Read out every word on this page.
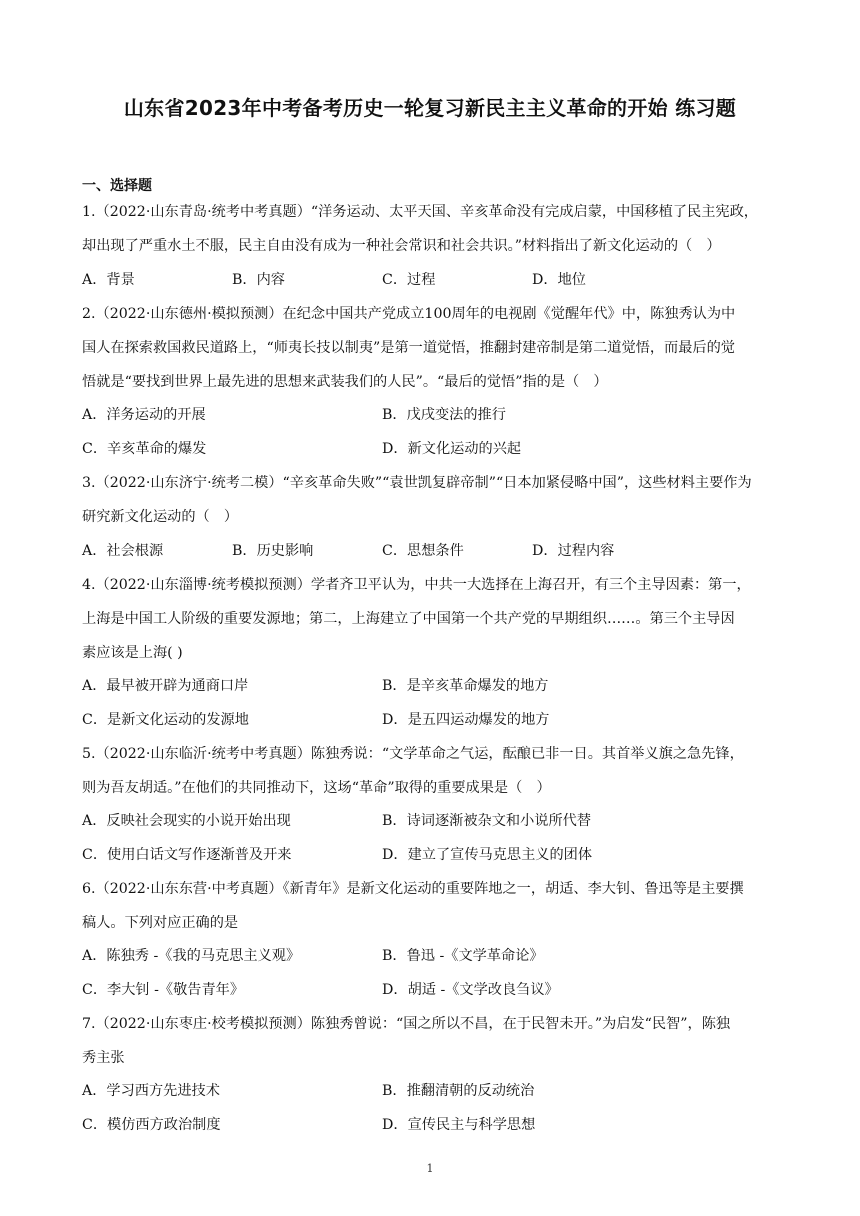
山东省2023年中考备考历史一轮复习新民主主义革命的开始 练习题
一、选择题
1.（2022·山东青岛·统考中考真题）“洋务运动、太平天国、辛亥革命没有完成启蒙，中国移植了民主宪政，
却出现了严重水土不服，民主自由没有成为一种社会常识和社会共识。”材料指出了新文化运动的（　）
A．背景	B．内容	C．过程	D．地位
2.（2022·山东德州·模拟预测）在纪念中国共产党成立100周年的电视剧《觉醒年代》中，陈独秀认为中
国人在探索救国救民道路上，“师夷长技以制夷”是第一道觉悟，推翻封建帝制是第二道觉悟，而最后的觉
悟就是“要找到世界上最先进的思想来武装我们的人民”。“最后的觉悟”指的是（　）
A．洋务运动的开展	B．戊戌变法的推行
C．辛亥革命的爆发	D．新文化运动的兴起
3.（2022·山东济宁·统考二模）“辛亥革命失败”“袁世凯复辟帝制”“日本加紧侵略中国”，这些材料主要作为
研究新文化运动的（　）
A．社会根源	B．历史影响	C．思想条件	D．过程内容
4.（2022·山东淄博·统考模拟预测）学者齐卫平认为，中共一大选择在上海召开，有三个主导因素：第一，
上海是中国工人阶级的重要发源地；第二，上海建立了中国第一个共产党的早期组织……。第三个主导因
素应该是上海( )
A．最早被开辟为通商口岸	B．是辛亥革命爆发的地方
C．是新文化运动的发源地	D．是五四运动爆发的地方
5.（2022·山东临沂·统考中考真题）陈独秀说：“文学革命之气运，酝酿已非一日。其首举义旗之急先锋，
则为吾友胡适。”在他们的共同推动下，这场“革命”取得的重要成果是（　）
A．反映社会现实的小说开始出现	B．诗词逐渐被杂文和小说所代替
C．使用白话文写作逐渐普及开来	D．建立了宣传马克思主义的团体
6.（2022·山东东营·中考真题）《新青年》是新文化运动的重要阵地之一，胡适、李大钊、鲁迅等是主要撰
稿人。下列对应正确的是
A．陈独秀 -《我的马克思主义观》	B．鲁迅 -《文学革命论》
C．李大钊 -《敬告青年》	D．胡适 -《文学改良刍议》
7.（2022·山东枣庄·校考模拟预测）陈独秀曾说：“国之所以不昌，在于民智未开。”为启发“民智”，陈独
秀主张
A．学习西方先进技术	B．推翻清朝的反动统治
C．模仿西方政治制度	D．宣传民主与科学思想
1
